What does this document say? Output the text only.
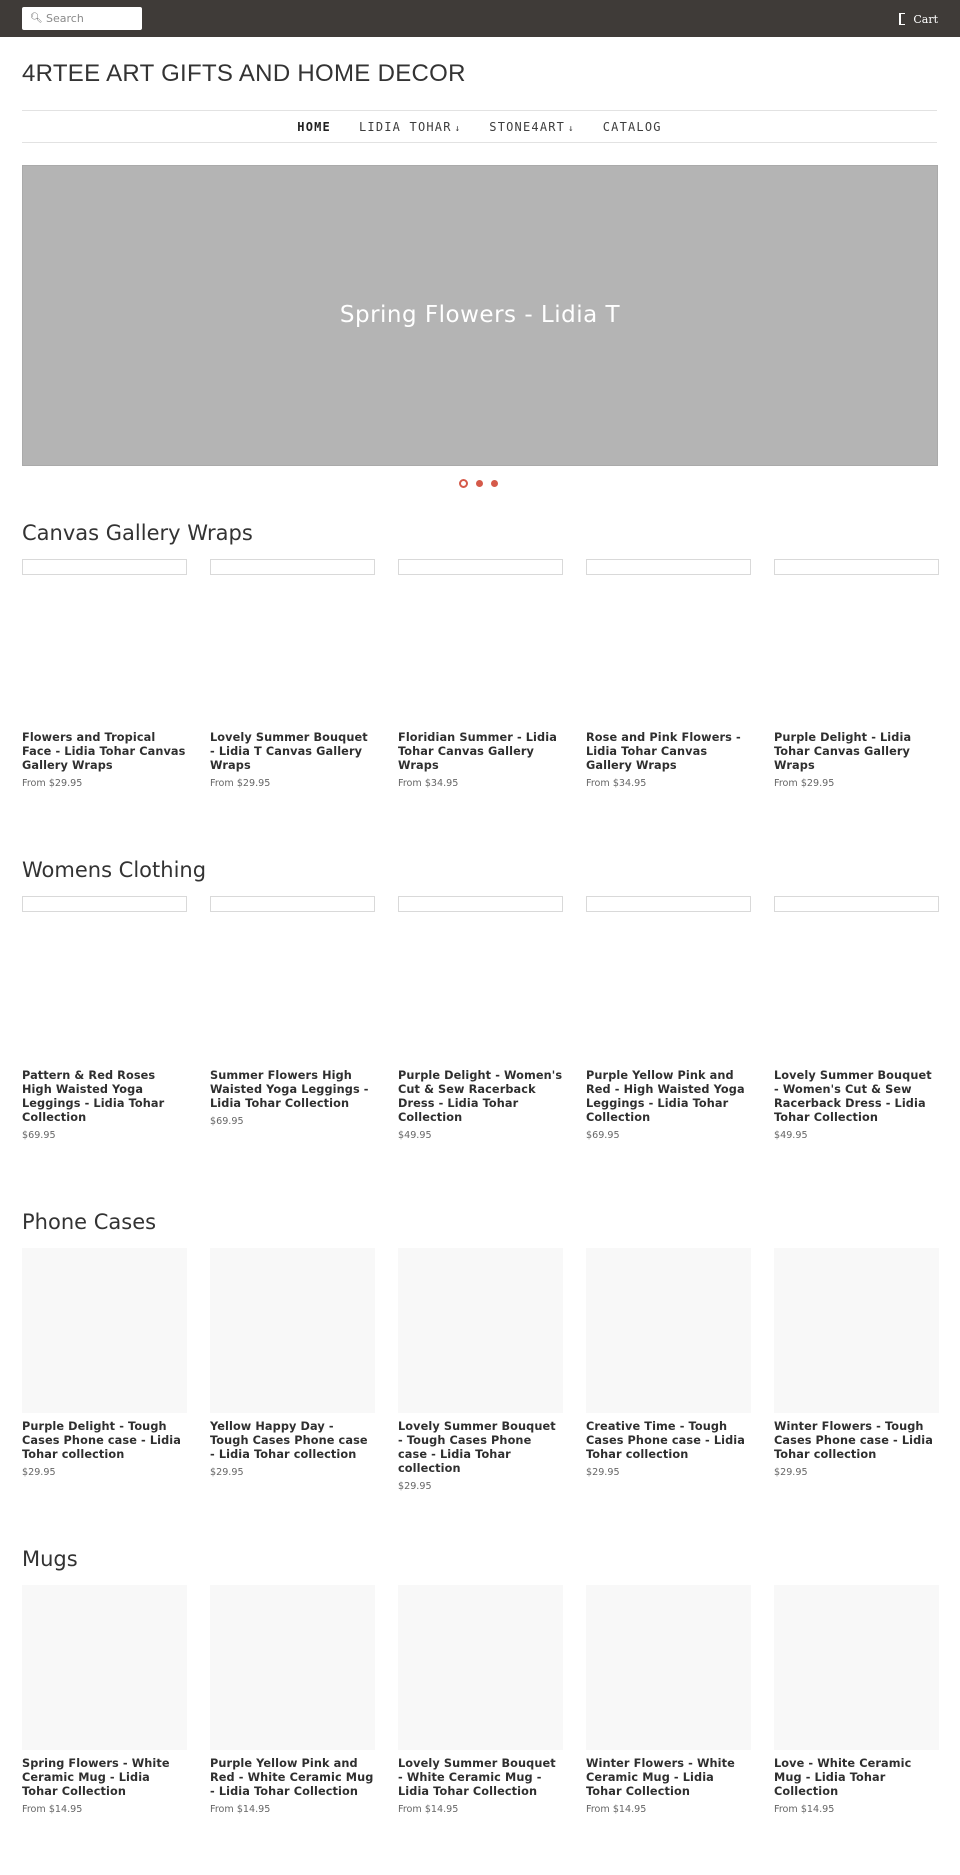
🔍︎
Search	Cart
4RTEE ART GIFTS AND HOME DECOR
HOME	LIDIA TOHAR ↓	STONE4ART ↓	CATALOG
Spring Flowers - Lidia T
Canvas Gallery Wraps
Flowers and Tropical Face - Lidia Tohar Canvas Gallery Wraps
From $29.95
Lovely Summer Bouquet - Lidia T Canvas Gallery Wraps
From $29.95
Floridian Summer - Lidia Tohar Canvas Gallery Wraps
From $34.95
Rose and Pink Flowers - Lidia Tohar Canvas Gallery Wraps
From $34.95
Purple Delight - Lidia Tohar Canvas Gallery Wraps
From $29.95
Womens Clothing
Pattern & Red Roses High Waisted Yoga Leggings - Lidia Tohar Collection
$69.95
Summer Flowers High Waisted Yoga Leggings - Lidia Tohar Collection
$69.95
Purple Delight - Women's Cut & Sew Racerback Dress - Lidia Tohar Collection
$49.95
Purple Yellow Pink and Red - High Waisted Yoga Leggings - Lidia Tohar Collection
$69.95
Lovely Summer Bouquet - Women's Cut & Sew Racerback Dress - Lidia Tohar Collection
$49.95
Phone Cases
Purple Delight - Tough Cases Phone case - Lidia Tohar collection
$29.95
Yellow Happy Day - Tough Cases Phone case - Lidia Tohar collection
$29.95
Lovely Summer Bouquet - Tough Cases Phone case - Lidia Tohar collection
$29.95
Creative Time - Tough Cases Phone case - Lidia Tohar collection
$29.95
Winter Flowers - Tough Cases Phone case - Lidia Tohar collection
$29.95
Mugs
Spring Flowers - White Ceramic Mug - Lidia Tohar Collection
From $14.95
Purple Yellow Pink and Red - White Ceramic Mug - Lidia Tohar Collection
From $14.95
Lovely Summer Bouquet - White Ceramic Mug - Lidia Tohar Collection
From $14.95
Winter Flowers - White Ceramic Mug - Lidia Tohar Collection
From $14.95
Love - White Ceramic Mug - Lidia Tohar Collection
From $14.95
